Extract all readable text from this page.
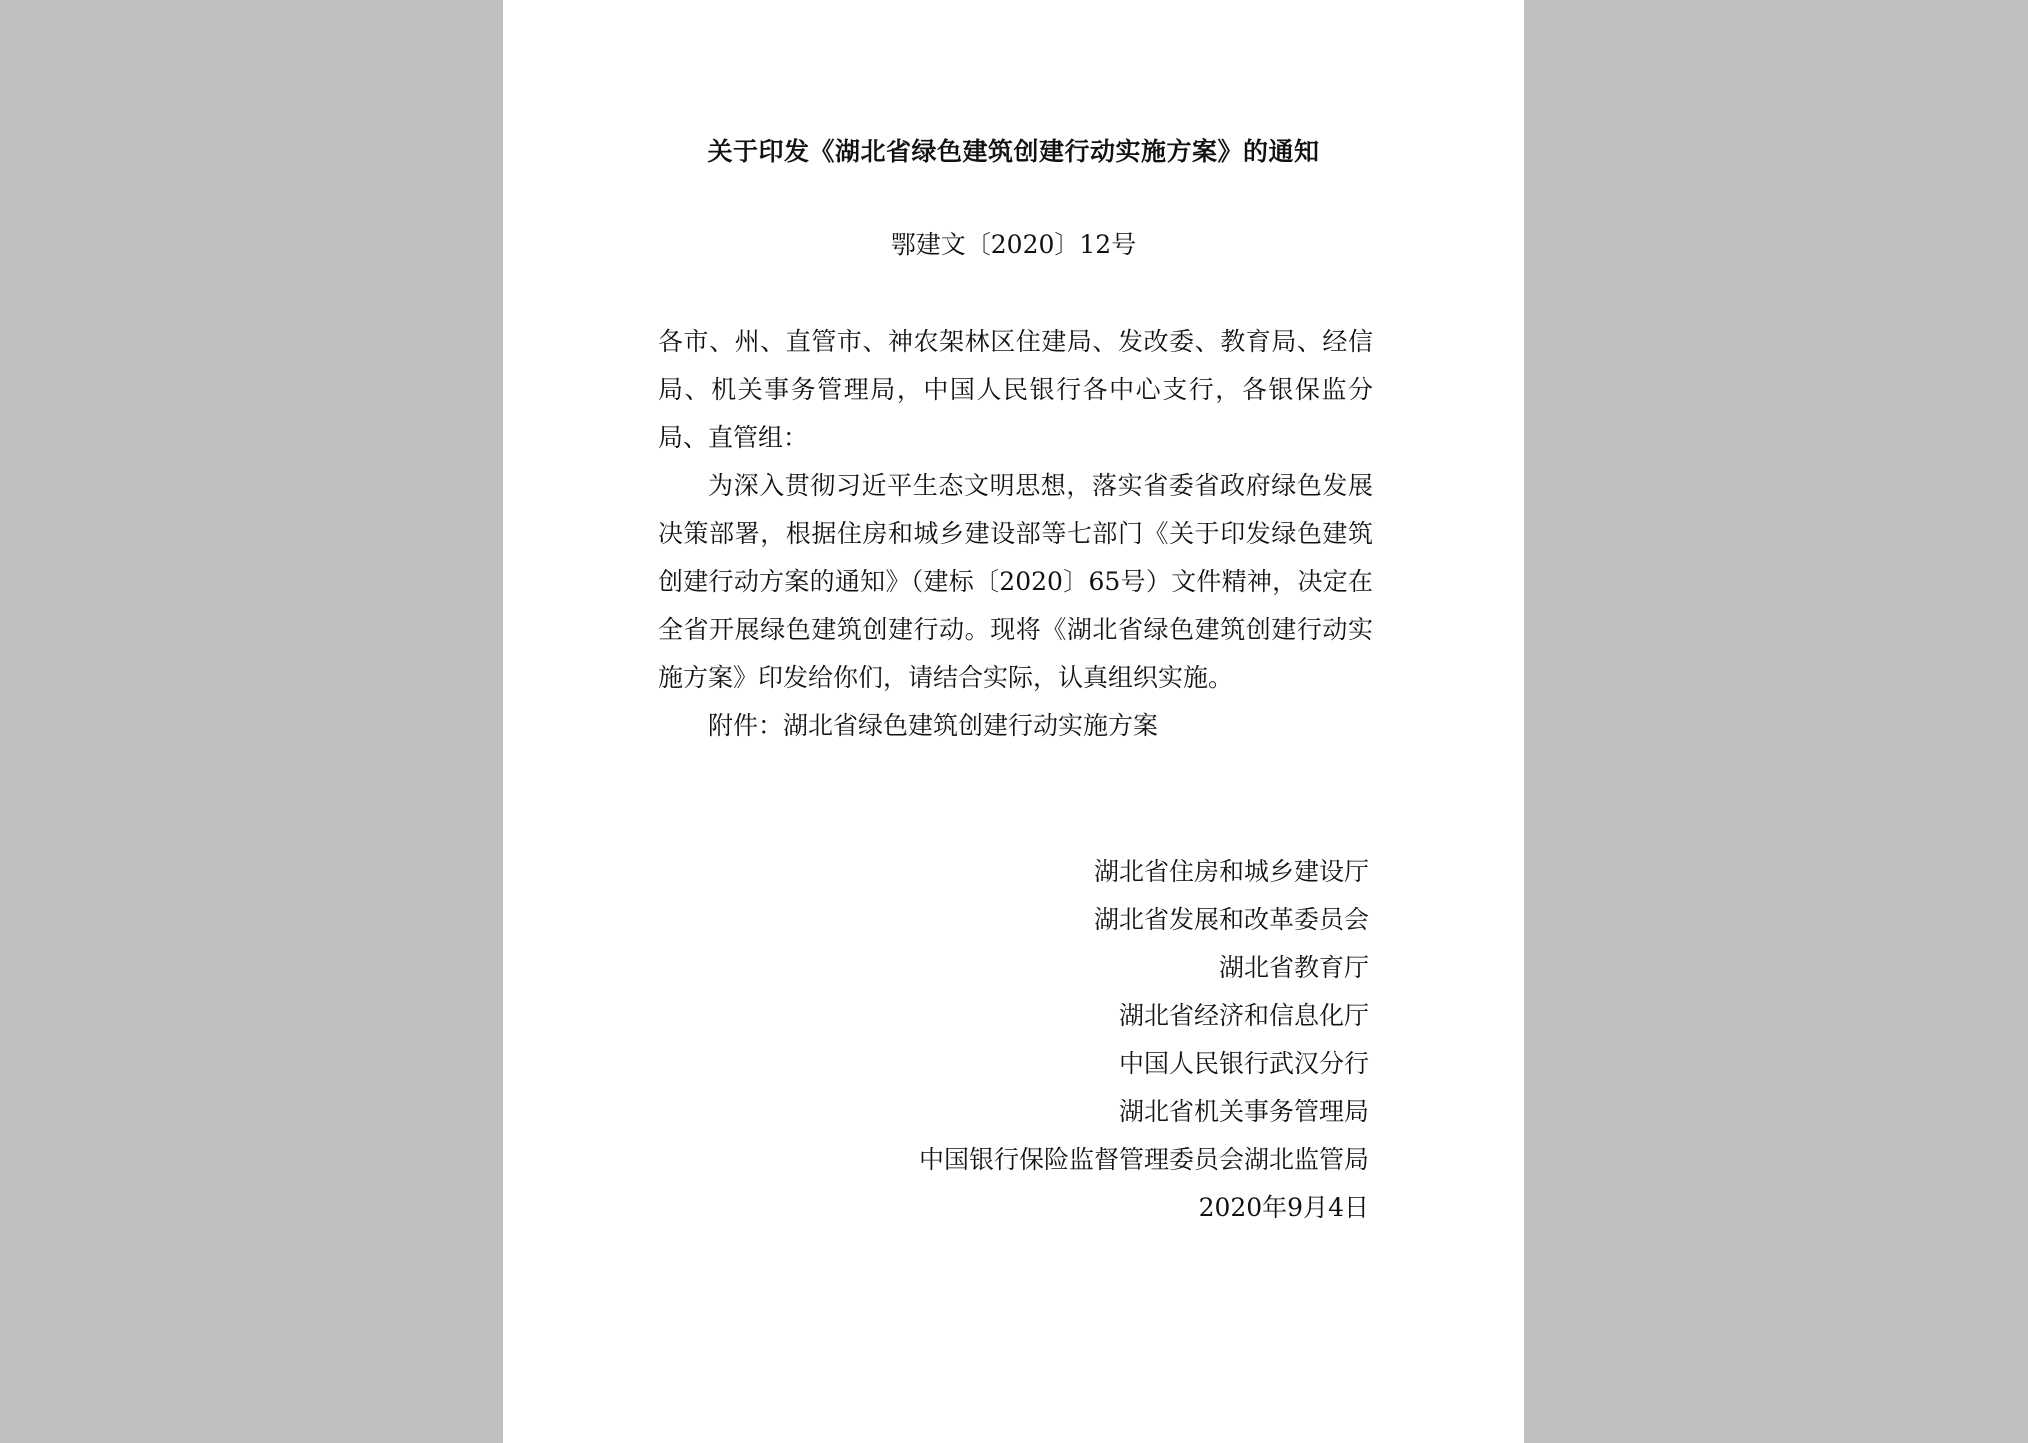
关于印发《湖北省绿色建筑创建行动实施方案》的通知
鄂建文〔2020〕12号

各市、州、直管市、神农架林区住建局、发改委、教育局、经信局、机关事务管理局，中国人民银行各中心支行，各银保监分局、直管组：

为深入贯彻习近平生态文明思想，落实省委省政府绿色发展决策部署，根据住房和城乡建设部等七部门《关于印发绿色建筑创建行动方案的通知》（建标〔2020〕65号）文件精神，决定在全省开展绿色建筑创建行动。现将《湖北省绿色建筑创建行动实施方案》印发给你们，请结合实际，认真组织实施。

附件：湖北省绿色建筑创建行动实施方案

湖北省住房和城乡建设厅
湖北省发展和改革委员会
湖北省教育厅
湖北省经济和信息化厅
中国人民银行武汉分行
湖北省机关事务管理局
中国银行保险监督管理委员会湖北监管局
2020年9月4日
